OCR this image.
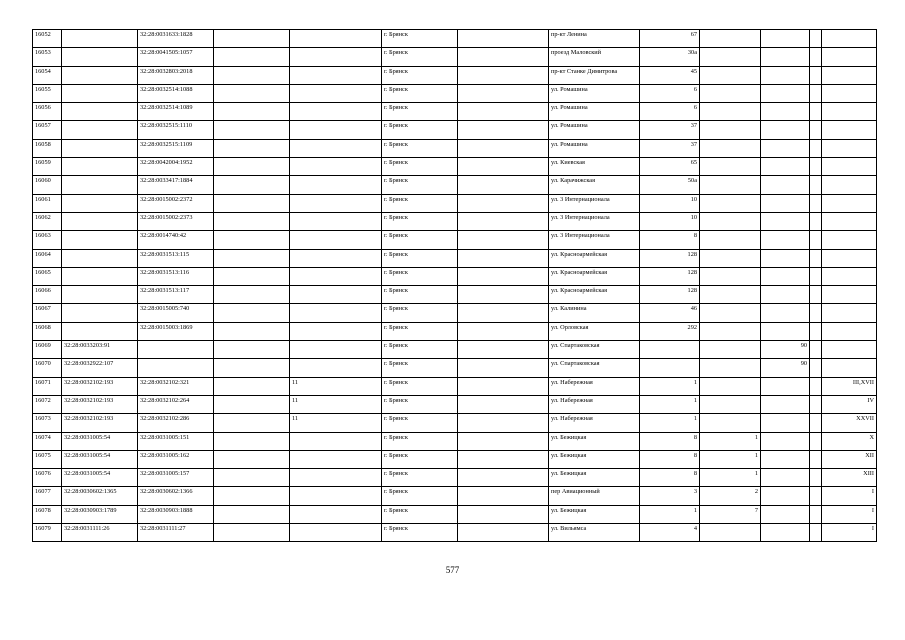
16052		32:28:0031633:1828			г. Брянск		пр-кт Ленина	67				
16053		32:28:0041505:1057			г. Брянск		проезд Маловский	30а				
16054		32:28:0032803:2018			г. Брянск		пр-кт Станке Димитрова	45				
16055		32:28:0032514:1088			г. Брянск		ул. Ромашина	6				
16056		32:28:0032514:1089			г. Брянск		ул. Ромашина	6				
16057		32:28:0032515:1110			г. Брянск		ул. Ромашина	37				
16058		32:28:0032515:1109			г. Брянск		ул. Ромашина	37				
16059		32:28:0042004:1952			г. Брянск		ул. Киевская	65				
16060		32:28:0033417:1884			г. Брянск		ул. Карачижская	50а				
16061		32:28:0015002:2372			г. Брянск		ул. 3 Интернационала	10				
16062		32:28:0015002:2373			г. Брянск		ул. 3 Интернационала	10				
16063		32:28:0014740:42			г. Брянск		ул. 3 Интернационала	8				
16064		32:28:0031513:115			г. Брянск		ул. Красноармейская	128				
16065		32:28:0031513:116			г. Брянск		ул. Красноармейская	128				
16066		32:28:0031513:117			г. Брянск		ул. Красноармейская	128				
16067		32:28:0015005:740			г. Брянск		ул. Калинина	46				
16068		32:28:0015003:1869			г. Брянск		ул. Орловская	292				
16069	32:28:0033203:91				г. Брянск		ул. Спартаковская			90		
16070	32:28:0032922:107				г. Брянск		ул. Спартаковская			90		
16071	32:28:0032102:193	32:28:0032102:321		11	г. Брянск		ул. Набережная	1				III,XVII
16072	32:28:0032102:193	32:28:0032102:264		11	г. Брянск		ул. Набережная	1				IV
16073	32:28:0032102:193	32:28:0032102:286		11	г. Брянск		ул. Набережная	1				XXVII
16074	32:28:0031005:54	32:28:0031005:151			г. Брянск		ул. Бежицкая	8	1			X
16075	32:28:0031005:54	32:28:0031005:162			г. Брянск		ул. Бежицкая	8	1			XII
16076	32:28:0031005:54	32:28:0031005:157			г. Брянск		ул. Бежицкая	8	1			XIII
16077	32:28:0030602:1365	32:28:0030602:1366			г. Брянск		пер Авиационный	3	2			I
16078	32:28:0030903:1789	32:28:0030903:1888			г. Брянск		ул. Бежицкая	1	7			I
16079	32:28:0031111:26	32:28:0031111:27			г. Брянск		ул. Вильямса	4				I
577
